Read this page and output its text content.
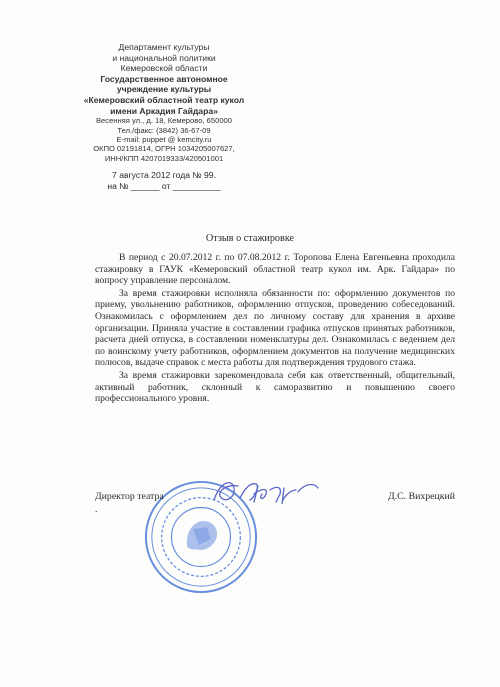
Департамент культуры
и национальной политики
Кемеровской области
Государственное автономное
учреждение культуры
«Кемеровский областной театр кукол
имени Аркадия Гайдара»
Весенняя ул., д. 18, Кемерово, 650000
Тел./факс: (3842) 36-67-09
E-mail: puppet @ kemcity.ru
ОКПО 02191814, ОГРН 1034205007627,
ИНН/КПП 4207019333/420501001
7 августа 2012 года № 99.
на № ______ от __________
Отзыв о стажировке

В период с 20.07.2012 г. по 07.08.2012 г. Торопова Елена Евгеньевна проходила стажировку в ГАУК «Кемеровский областной театр кукол им. Арк. Гайдара» по вопросу управление персоналом.

За время стажировки исполняла обязанности по: оформлению документов по приему, увольнению работников, оформлению отпусков, проведению собеседований. Ознакомилась с оформлением дел по личному составу для хранения в архиве организации. Приняла участие в составлении графика отпусков принятых работников, расчета дней отпуска, в составлении номенклатуры дел. Ознакомилась с ведением дел по воинскому учету работников, оформлением документов на получение медицинских полюсов, выдаче справок с места работы для подтверждения трудового стажа.

За время стажировки зарекомендовала себя как ответственный, общительный, активный работник, склонный к саморазвитию и повышению своего профессионального уровня.

Директор театра
.
Д.С. Вихрецкий
